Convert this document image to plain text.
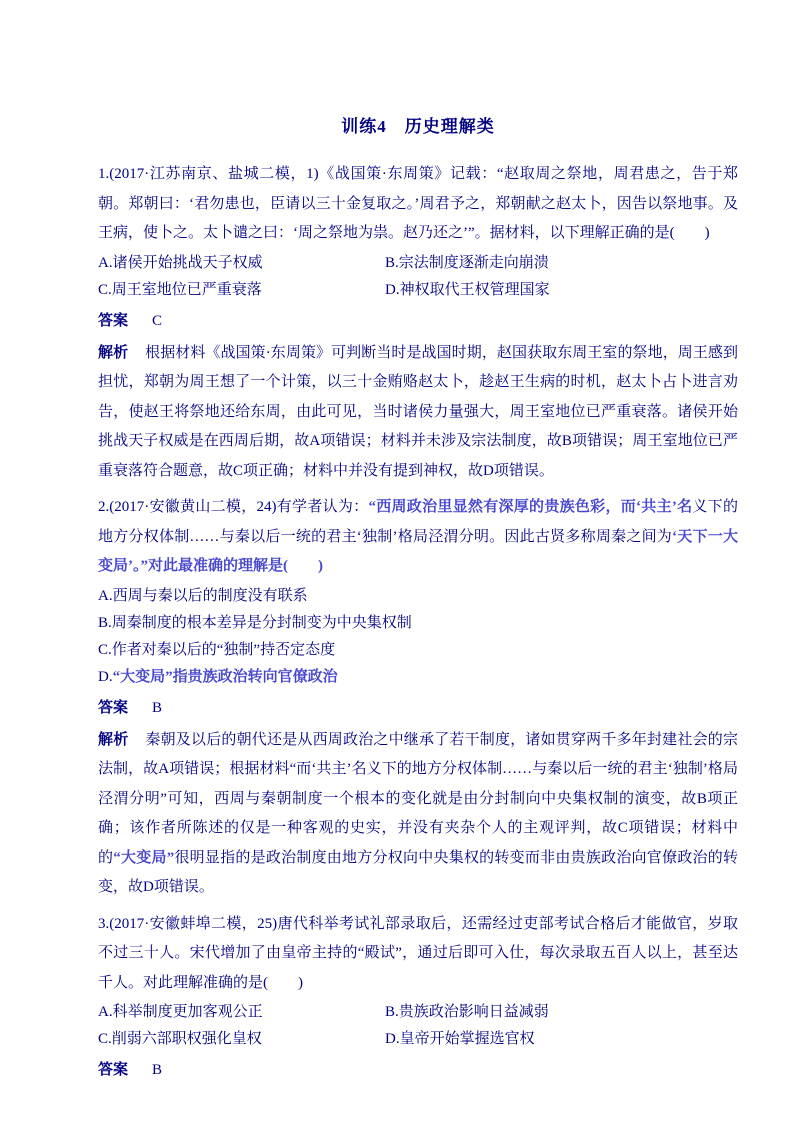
训练4　历史理解类

1.(2017·江苏南京、盐城二模，1)《战国策·东周策》记载：“赵取周之祭地，周君患之，告于郑朝。郑朝曰：‘君勿患也，臣请以三十金复取之。’周君予之，郑朝献之赵太卜，因告以祭地事。及王病，使卜之。太卜谴之曰：‘周之祭地为祟。赵乃还之’”。据材料，以下理解正确的是(　　)

A.诸侯开始挑战天子权威	B.宗法制度逐渐走向崩溃

C.周王室地位已严重衰落	D.神权取代王权管理国家

答案 C

解析 根据材料《战国策·东周策》可判断当时是战国时期，赵国获取东周王室的祭地，周王感到担忧，郑朝为周王想了一个计策，以三十金贿赂赵太卜，趁赵王生病的时机，赵太卜占卜进言劝告，使赵王将祭地还给东周，由此可见，当时诸侯力量强大，周王室地位已严重衰落。诸侯开始挑战天子权威是在西周后期，故A项错误；材料并未涉及宗法制度，故B项错误；周王室地位已严重衰落符合题意，故C项正确；材料中并没有提到神权，故D项错误。

2.(2017·安徽黄山二模，24)有学者认为：“西周政治里显然有深厚的贵族色彩，而‘共主’名义下的地方分权体制……与秦以后一统的君主‘独制’格局泾渭分明。因此古贤多称周秦之间为‘天下一大变局’。”对此最准确的理解是(　　)

A.西周与秦以后的制度没有联系

B.周秦制度的根本差异是分封制变为中央集权制

C.作者对秦以后的“独制”持否定态度

D.“大变局”指贵族政治转向官僚政治

答案 B

解析 秦朝及以后的朝代还是从西周政治之中继承了若干制度，诸如贯穿两千多年封建社会的宗法制，故A项错误；根据材料“而‘共主’名义下的地方分权体制……与秦以后一统的君主‘独制’格局泾渭分明”可知，西周与秦朝制度一个根本的变化就是由分封制向中央集权制的演变，故B项正确；该作者所陈述的仅是一种客观的史实，并没有夹杂个人的主观评判，故C项错误；材料中的“大变局”很明显指的是政治制度由地方分权向中央集权的转变而非由贵族政治向官僚政治的转变，故D项错误。

3.(2017·安徽蚌埠二模，25)唐代科举考试礼部录取后，还需经过吏部考试合格后才能做官，岁取不过三十人。宋代增加了由皇帝主持的“殿试”，通过后即可入仕，每次录取五百人以上，甚至达千人。对此理解准确的是(　　)

A.科举制度更加客观公正	B.贵族政治影响日益减弱

C.削弱六部职权强化皇权	D.皇帝开始掌握选官权

答案 B
